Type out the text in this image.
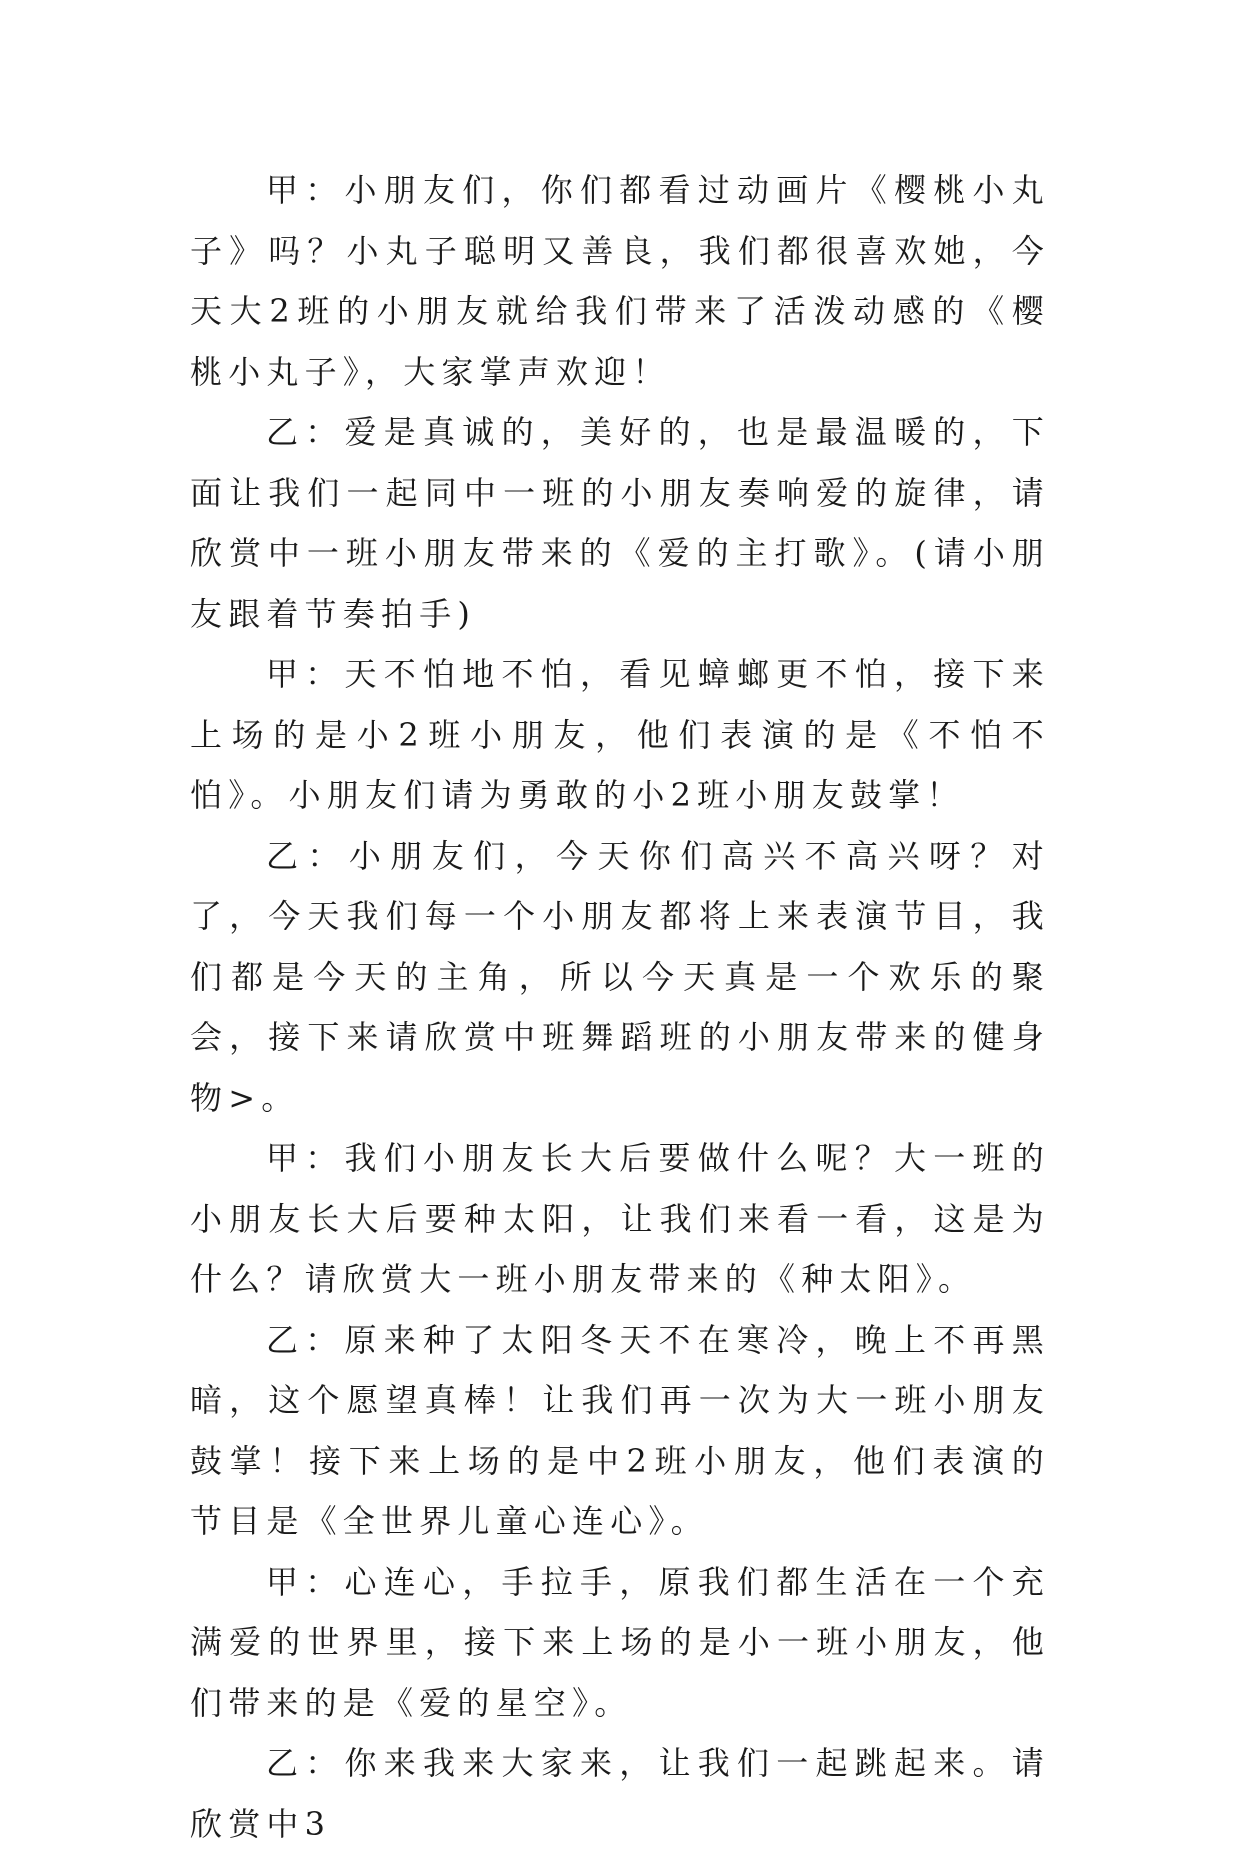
甲：小朋友们，你们都看过动画片《樱桃小丸子》吗？小丸子聪明又善良，我们都很喜欢她，今天大2班的小朋友就给我们带来了活泼动感的《樱桃小丸子》，大家掌声欢迎！

乙：爱是真诚的，美好的，也是最温暖的，下面让我们一起同中一班的小朋友奏响爱的旋律，请欣赏中一班小朋友带来的《爱的主打歌》。(请小朋友跟着节奏拍手)

甲：天不怕地不怕，看见蟑螂更不怕，接下来上场的是小2班小朋友，他们表演的是《不怕不怕》。小朋友们请为勇敢的小2班小朋友鼓掌！

乙：小朋友们，今天你们高兴不高兴呀？对了，今天我们每一个小朋友都将上来表演节目，我们都是今天的主角，所以今天真是一个欢乐的聚会，接下来请欣赏中班舞蹈班的小朋友带来的健身物>。

甲：我们小朋友长大后要做什么呢？大一班的小朋友长大后要种太阳，让我们来看一看，这是为什么？请欣赏大一班小朋友带来的《种太阳》。

乙：原来种了太阳冬天不在寒冷，晚上不再黑暗，这个愿望真棒！让我们再一次为大一班小朋友鼓掌！接下来上场的是中2班小朋友，他们表演的节目是《全世界儿童心连心》。

甲：心连心，手拉手，原我们都生活在一个充满爱的世界里，接下来上场的是小一班小朋友，他们带来的是《爱的星空》。

乙：你来我来大家来，让我们一起跳起来。请欣赏中3
